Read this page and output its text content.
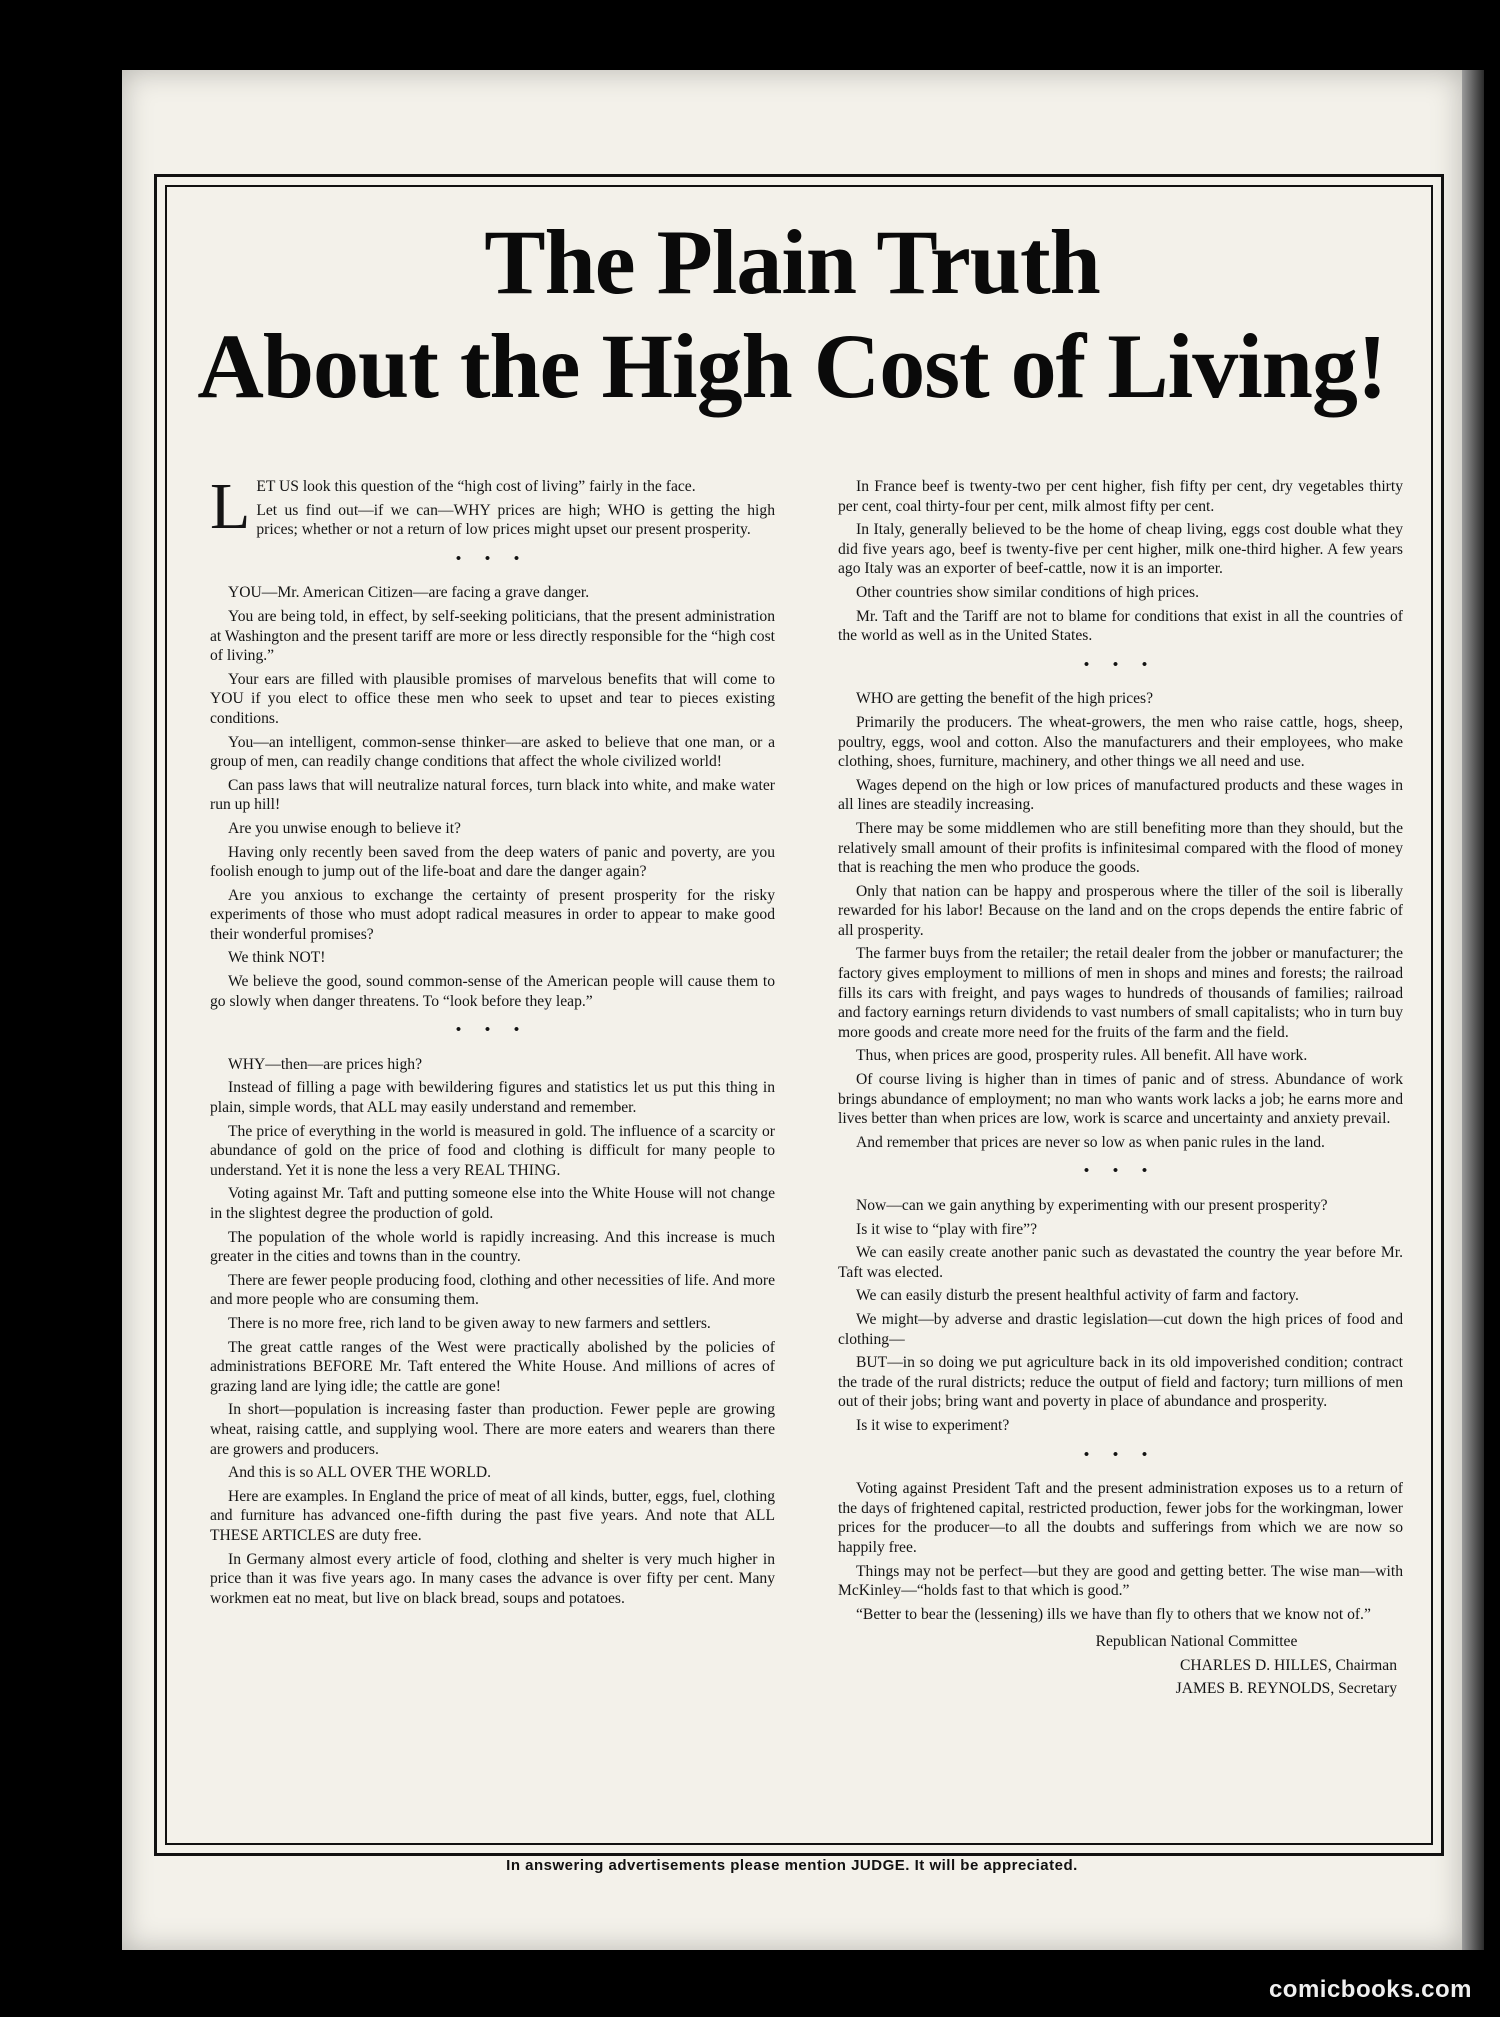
The Plain Truth
About the High Cost of Living!

LET US look this question of the “high cost of living” fairly in the face.

Let us find out—if we can—WHY prices are high; WHO is getting the high prices; whether or not a return of low prices might upset our present prosperity.

• • •

YOU—Mr. American Citizen—are facing a grave danger.

You are being told, in effect, by self-seeking politicians, that the present administration at Washington and the present tariff are more or less directly responsible for the “high cost of living.”

Your ears are filled with plausible promises of marvelous benefits that will come to YOU if you elect to office these men who seek to upset and tear to pieces existing conditions.

You—an intelligent, common-sense thinker—are asked to believe that one man, or a group of men, can readily change conditions that affect the whole civilized world!

Can pass laws that will neutralize natural forces, turn black into white, and make water run up hill!

Are you unwise enough to believe it?

Having only recently been saved from the deep waters of panic and poverty, are you foolish enough to jump out of the life-boat and dare the danger again?

Are you anxious to exchange the certainty of present prosperity for the risky experiments of those who must adopt radical measures in order to appear to make good their wonderful promises?

We think NOT!

We believe the good, sound common-sense of the American people will cause them to go slowly when danger threatens. To “look before they leap.”

• • •

WHY—then—are prices high?

Instead of filling a page with bewildering figures and statistics let us put this thing in plain, simple words, that ALL may easily understand and remember.

The price of everything in the world is measured in gold. The influence of a scarcity or abundance of gold on the price of food and clothing is difficult for many people to understand. Yet it is none the less a very REAL THING.

Voting against Mr. Taft and putting someone else into the White House will not change in the slightest degree the production of gold.

The population of the whole world is rapidly increasing. And this increase is much greater in the cities and towns than in the country.

There are fewer people producing food, clothing and other necessities of life. And more and more people who are consuming them.

There is no more free, rich land to be given away to new farmers and settlers.

The great cattle ranges of the West were practically abolished by the policies of administrations BEFORE Mr. Taft entered the White House. And millions of acres of grazing land are lying idle; the cattle are gone!

In short—population is increasing faster than production. Fewer peple are growing wheat, raising cattle, and supplying wool. There are more eaters and wearers than there are growers and producers.

And this is so ALL OVER THE WORLD.

Here are examples. In England the price of meat of all kinds, butter, eggs, fuel, clothing and furniture has advanced one-fifth during the past five years. And note that ALL THESE ARTICLES are duty free.

In Germany almost every article of food, clothing and shelter is very much higher in price than it was five years ago. In many cases the advance is over fifty per cent. Many workmen eat no meat, but live on black bread, soups and potatoes.

In France beef is twenty-two per cent higher, fish fifty per cent, dry vegetables thirty per cent, coal thirty-four per cent, milk almost fifty per cent.

In Italy, generally believed to be the home of cheap living, eggs cost double what they did five years ago, beef is twenty-five per cent higher, milk one-third higher. A few years ago Italy was an exporter of beef-cattle, now it is an importer.

Other countries show similar conditions of high prices.

Mr. Taft and the Tariff are not to blame for conditions that exist in all the countries of the world as well as in the United States.

• • •

WHO are getting the benefit of the high prices?

Primarily the producers. The wheat-growers, the men who raise cattle, hogs, sheep, poultry, eggs, wool and cotton. Also the manufacturers and their employees, who make clothing, shoes, furniture, machinery, and other things we all need and use.

Wages depend on the high or low prices of manufactured products and these wages in all lines are steadily increasing.

There may be some middlemen who are still benefiting more than they should, but the relatively small amount of their profits is infinitesimal compared with the flood of money that is reaching the men who produce the goods.

Only that nation can be happy and prosperous where the tiller of the soil is liberally rewarded for his labor! Because on the land and on the crops depends the entire fabric of all prosperity.

The farmer buys from the retailer; the retail dealer from the jobber or manufacturer; the factory gives employment to millions of men in shops and mines and forests; the railroad fills its cars with freight, and pays wages to hundreds of thousands of families; railroad and factory earnings return dividends to vast numbers of small capitalists; who in turn buy more goods and create more need for the fruits of the farm and the field.

Thus, when prices are good, prosperity rules. All benefit. All have work.

Of course living is higher than in times of panic and of stress. Abundance of work brings abundance of employment; no man who wants work lacks a job; he earns more and lives better than when prices are low, work is scarce and uncertainty and anxiety prevail.

And remember that prices are never so low as when panic rules in the land.

• • •

Now—can we gain anything by experimenting with our present prosperity?

Is it wise to “play with fire”?

We can easily create another panic such as devastated the country the year before Mr. Taft was elected.

We can easily disturb the present healthful activity of farm and factory.

We might—by adverse and drastic legislation—cut down the high prices of food and clothing—

BUT—in so doing we put agriculture back in its old impoverished condition; contract the trade of the rural districts; reduce the output of field and factory; turn millions of men out of their jobs; bring want and poverty in place of abundance and prosperity.

Is it wise to experiment?

• • •

Voting against President Taft and the present administration exposes us to a return of the days of frightened capital, restricted production, fewer jobs for the workingman, lower prices for the producer—to all the doubts and sufferings from which we are now so happily free.

Things may not be perfect—but they are good and getting better. The wise man—with McKinley—“holds fast to that which is good.”

“Better to bear the (lessening) ills we have than fly to others that we know not of.”

Republican National Committee

CHARLES D. HILLES, Chairman

JAMES B. REYNOLDS, Secretary

In answering advertisements please mention JUDGE. It will be appreciated.
comicbooks.com
